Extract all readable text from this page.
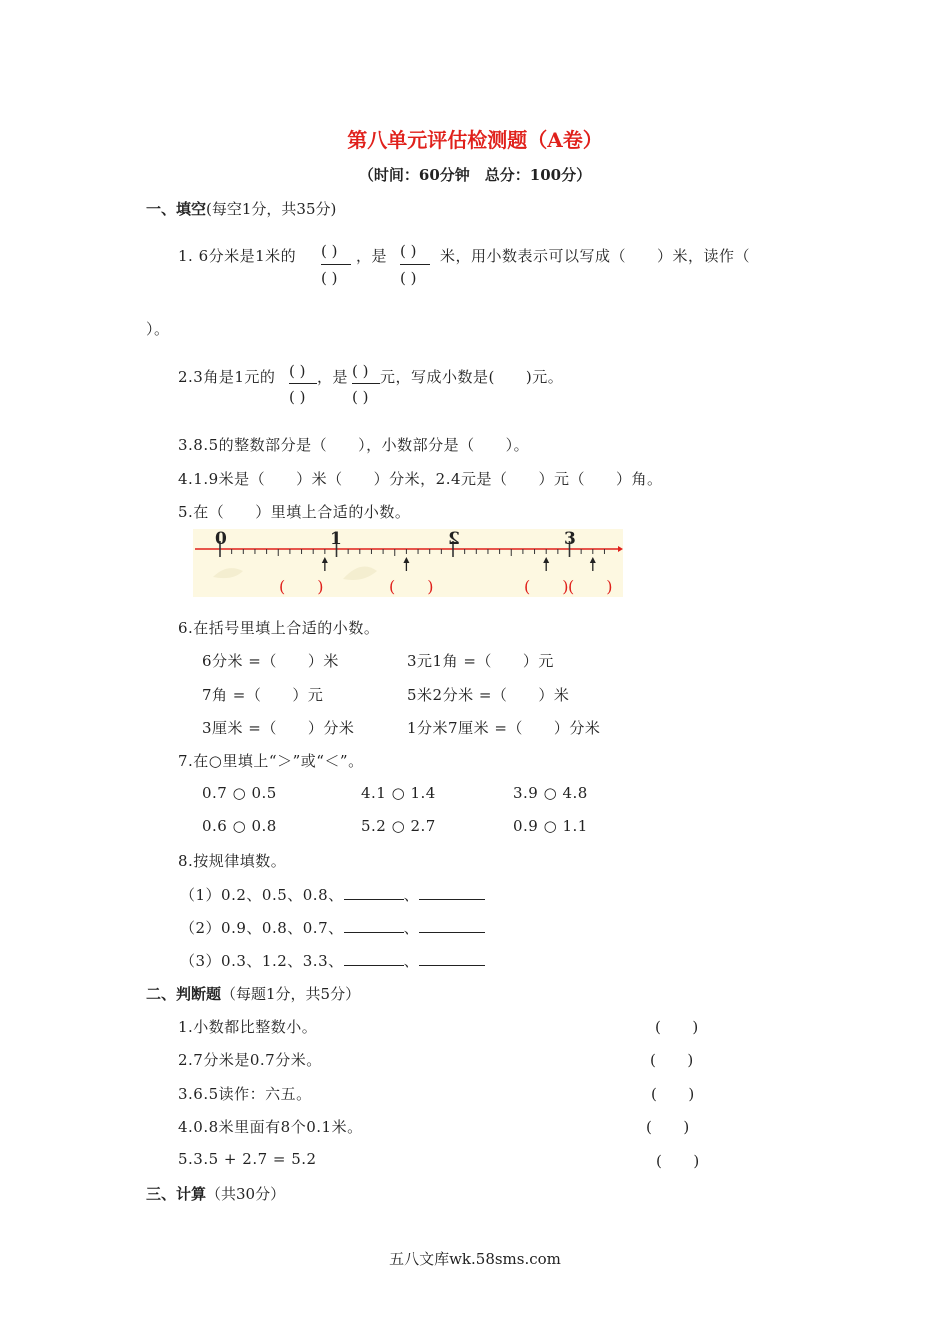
第八单元评估检测题（A卷）
（时间：60分钟　总分：100分）
一、填空(每空1分，共35分)
1. 6分米是1米的 ( )
( )
，是 ( )
( )
米，用小数表示可以写成（　　）米，读作（
）。
2.3角是1元的 ( )
( )
，是 ( )
( )
元，写成小数是(　　)元。
3.8.5的整数部分是（　　），小数部分是（　　）。
4.1.9米是（　　）米（　　）分米，2.4元是（　　）元（　　）角。
5.在（　　）里填上合适的小数。
0	1	2	3
(　　)	(　　)	(　　) (　　)
6.在括号里填上合适的小数。
6分米 =（　　）米	3元1角 =（　　）元
7角 =（　　）元	5米2分米 =（　　）米
3厘米 =（　　）分米	1分米7厘米 =（　　）分米
7.在○里填上“＞”或“＜”。
0.7 ○ 0.5	4.1 ○ 1.4	3.9 ○ 4.8
0.6 ○ 0.8	5.2 ○ 2.7	0.9 ○ 1.1
8.按规律填数。
（1）0.2、0.5、0.8、	、
（2）0.9、0.8、0.7、	、
（3）0.3、1.2、3.3、	、
二、判断题（每题1分，共5分）
1.小数都比整数小。	(　　)
2.7分米是0.7分米。	(　　)
3.6.5读作：六五。	(　　)
4.0.8米里面有8个0.1米。	(　　)
5.3.5 + 2.7 = 5.2	(　　)
三、计算（共30分）
五八文库wk.58sms.com
